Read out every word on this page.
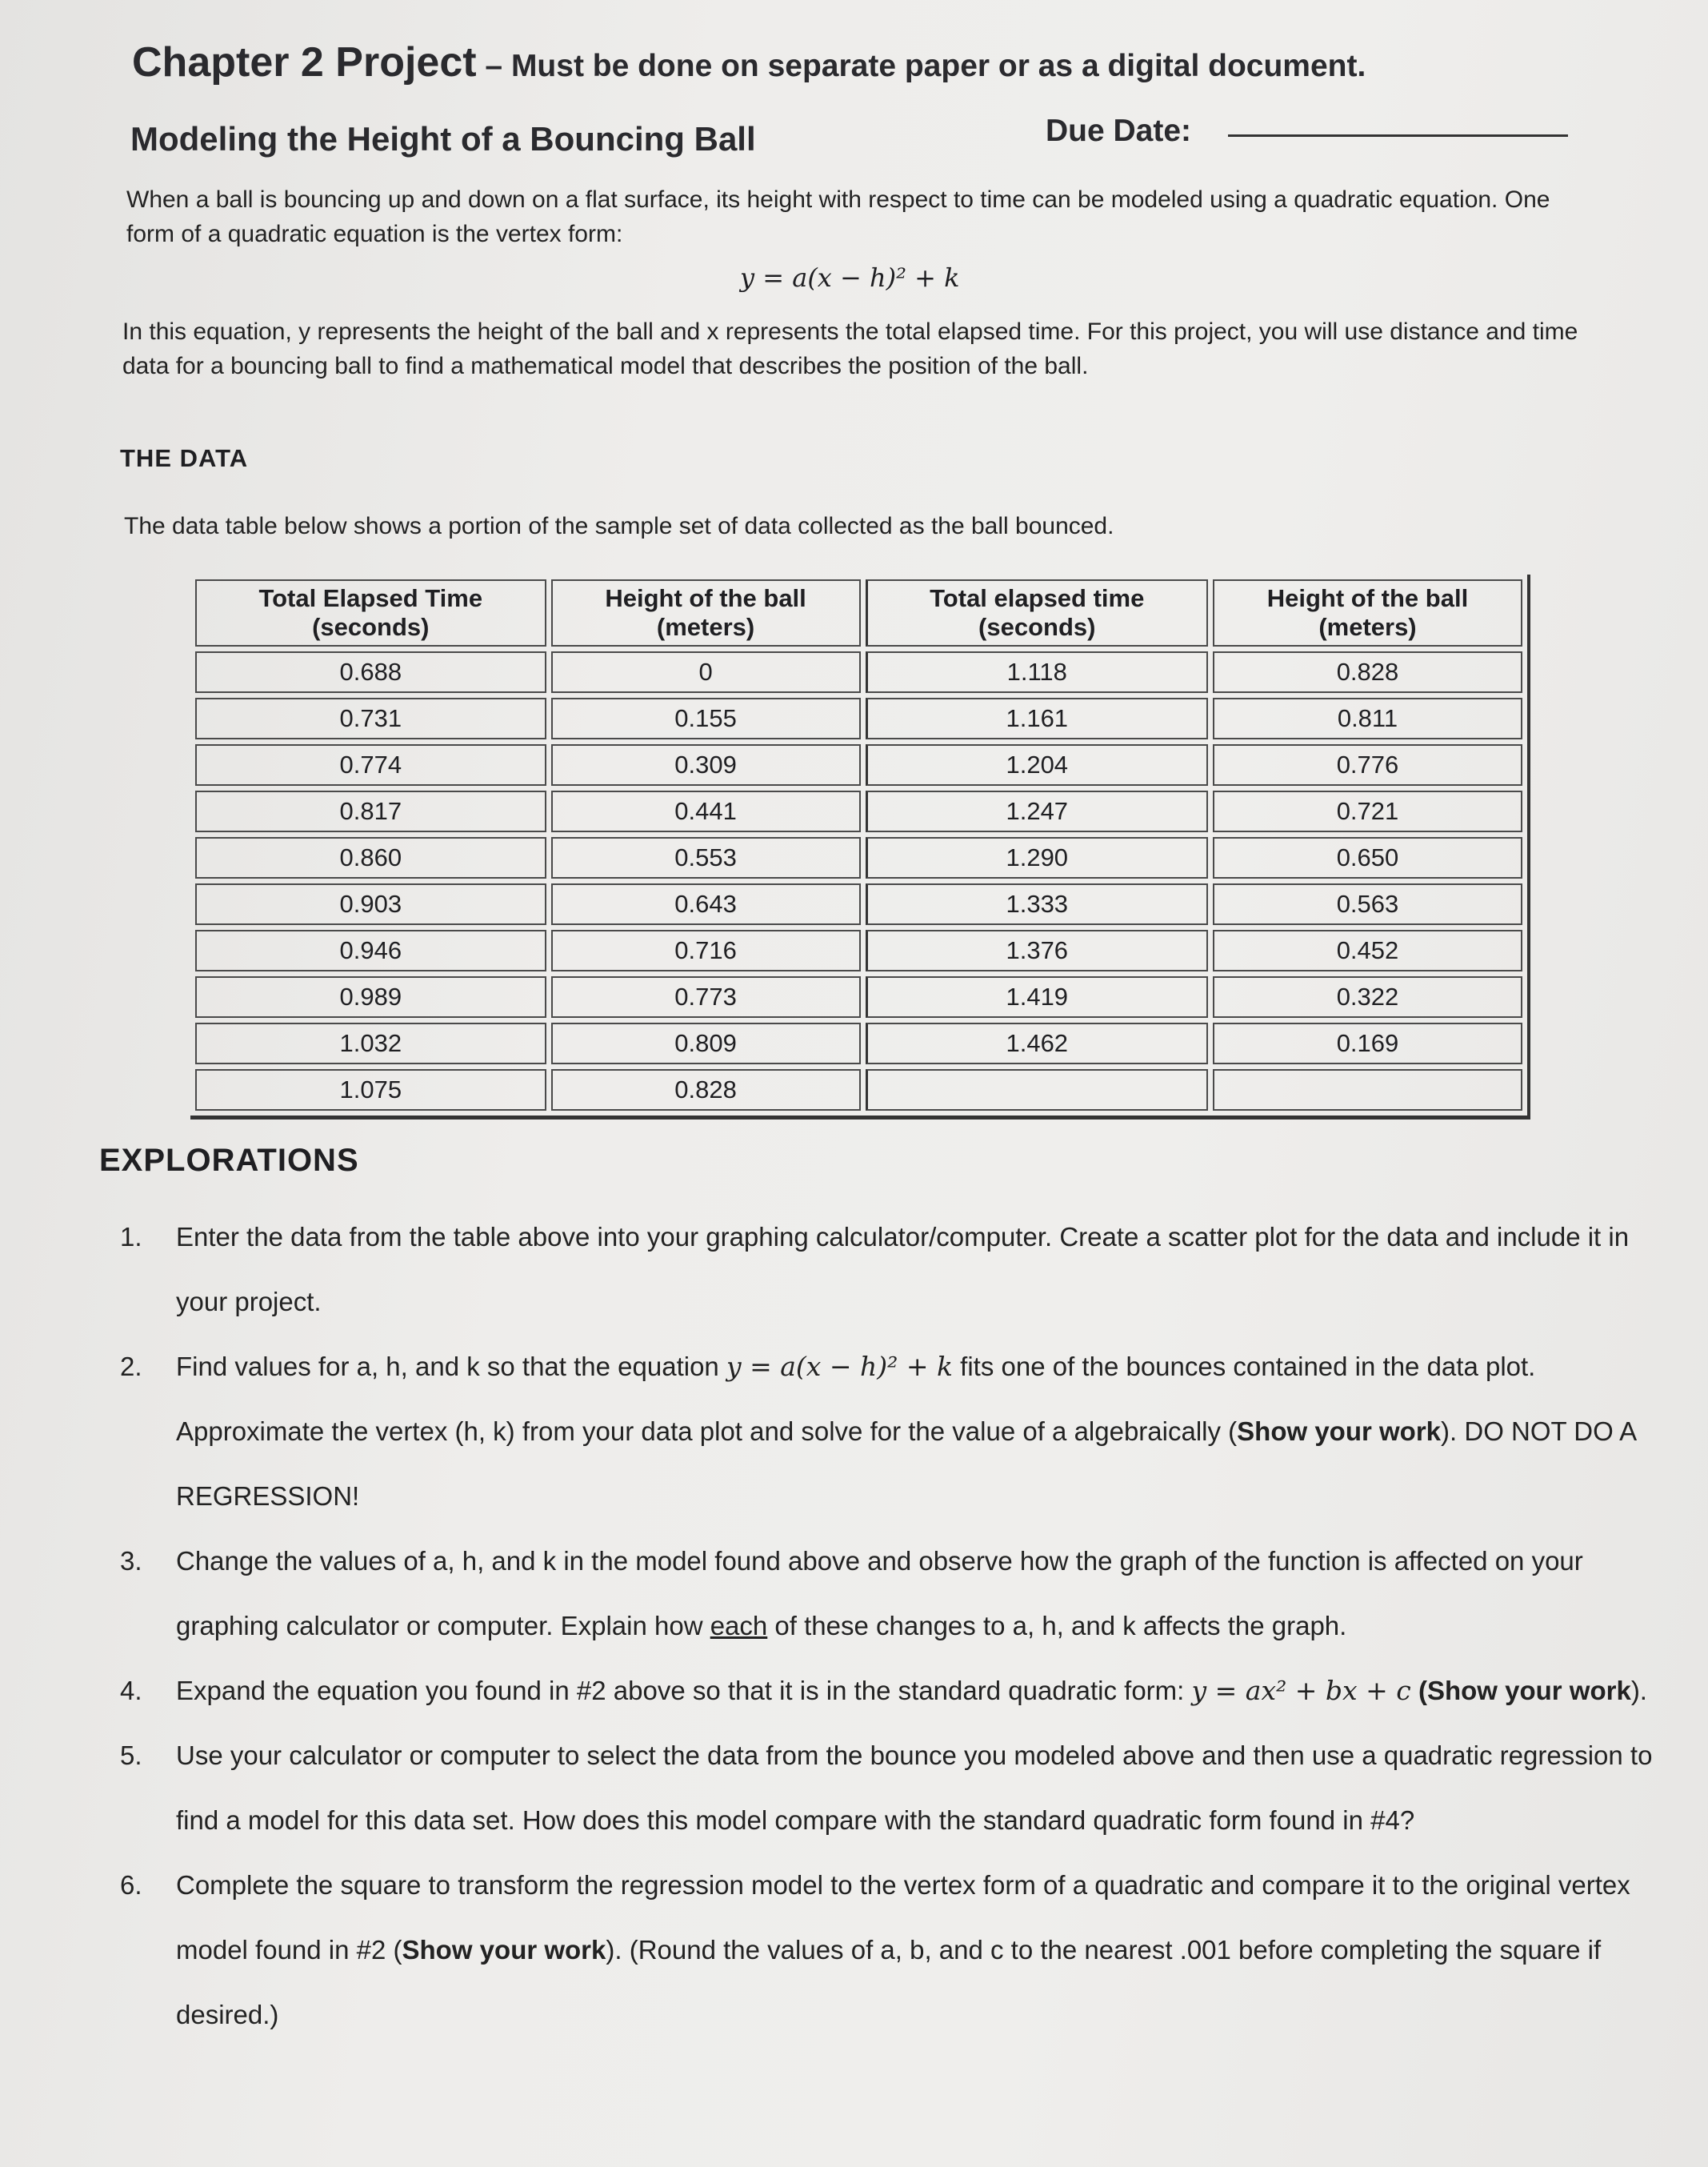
Chapter 2 Project – Must be done on separate paper or as a digital document.
Modeling the Height of a Bouncing Ball	Due Date:
When a ball is bouncing up and down on a flat surface, its height with respect to time can be modeled using a quadratic equation. One form of a quadratic equation is the vertex form:
y = a(x − h)² + k
In this equation, y represents the height of the ball and x represents the total elapsed time. For this project, you will use distance and time data for a bouncing ball to find a mathematical model that describes the position of the ball.
THE DATA
The data table below shows a portion of the sample set of data collected as the ball bounced.
Total Elapsed Time (seconds)	Height of the ball (meters)	Total elapsed time (seconds)	Height of the ball (meters)
0.688	0	1.118	0.828
0.731	0.155	1.161	0.811
0.774	0.309	1.204	0.776
0.817	0.441	1.247	0.721
0.860	0.553	1.290	0.650
0.903	0.643	1.333	0.563
0.946	0.716	1.376	0.452
0.989	0.773	1.419	0.322
1.032	0.809	1.462	0.169
1.075	0.828		
EXPLORATIONS
1. Enter the data from the table above into your graphing calculator/computer. Create a scatter plot for the data and include it in your project.
2. Find values for a, h, and k so that the equation y = a(x − h)² + k fits one of the bounces contained in the data plot. Approximate the vertex (h, k) from your data plot and solve for the value of a algebraically (Show your work). DO NOT DO A REGRESSION!
3. Change the values of a, h, and k in the model found above and observe how the graph of the function is affected on your graphing calculator or computer. Explain how each of these changes to a, h, and k affects the graph.
4. Expand the equation you found in #2 above so that it is in the standard quadratic form: y = ax² + bx + c (Show your work).
5. Use your calculator or computer to select the data from the bounce you modeled above and then use a quadratic regression to find a model for this data set. How does this model compare with the standard quadratic form found in #4?
6. Complete the square to transform the regression model to the vertex form of a quadratic and compare it to the original vertex model found in #2 (Show your work). (Round the values of a, b, and c to the nearest .001 before completing the square if desired.)
